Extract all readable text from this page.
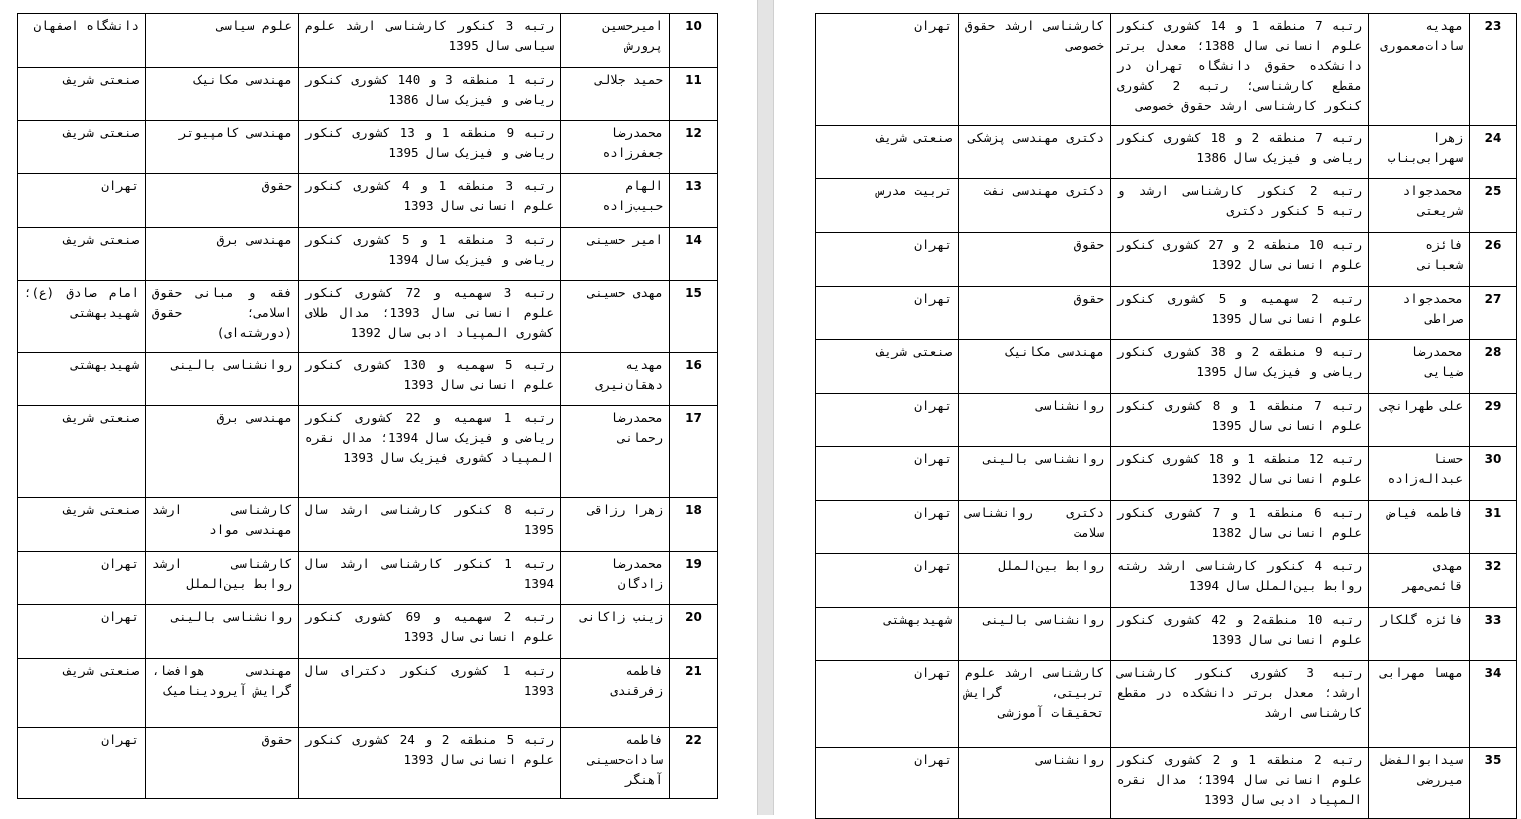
10	امیرحسین پرورش	رتبه 3 کنکور کارشناسی ارشد علوم سیاسی سال 1395	علوم سیاسی	دانشگاه اصفهان
11	حمید جلالی	رتبه 1 منطقه 3 و 140 کشوری کنکور ریاضی و فیزیک سال 1386	مهندسی مکانیک	صنعتی شریف
12	محمدرضا جعفرزاده	رتبه 9 منطقه 1 و 13 کشوری کنکور ریاضی و فیزیک سال 1395	مهندسی کامپیوتر	صنعتی شریف
13	الهام حبیب‌زاده	رتبه 3 منطقه 1 و 4 کشوری کنکور علوم انسانی سال 1393	حقوق	تهران
14	امیر حسینی	رتبه 3 منطقه 1 و 5 کشوری کنکور ریاضی و فیزیک سال 1394	مهندسی برق	صنعتی شریف
15	مهدی حسینی	رتبه 3 سهمیه و 72 کشوری کنکور علوم انسانی سال 1393؛ مدال طلای کشوری المپیاد ادبی سال 1392	فقه و مبانی حقوق اسلامی؛ حقوق (دورشته‌ای)	امام صادق (ع)؛ شهیدبهشتی
16	مهدیه دهقان‌نیری	رتبه 5 سهمیه و 130 کشوری کنکور علوم انسانی سال 1393	روانشناسی بالینی	شهیدبهشتی
17	محمدرضا رحمانی	رتبه 1 سهمیه و 22 کشوری کنکور ریاضی و فیزیک سال 1394؛ مدال نقره المپیاد کشوری فیزیک سال 1393	مهندسی برق	صنعتی شریف
18	زهرا رزاقی	رتبه 8 کنکور کارشناسی ارشد سال 1395	کارشناسی ارشد مهندسی مواد	صنعتی شریف
19	محمدرضا زادگان	رتبه 1 کنکور کارشناسی ارشد سال 1394	کارشناسی ارشد روابط بین‌الملل	تهران
20	زینب زاکانی	رتبه 2 سهمیه و 69 کشوری کنکور علوم انسانی سال 1393	روانشناسی بالینی	تهران
21	فاطمه زفرقندی	رتبه 1 کشوری کنکور دکترای سال 1393	مهندسی هوافضا، گرایش آیرودینامیک	صنعتی شریف
22	فاطمه سادات‌حسینی آهنگر	رتبه 5 منطقه 2 و 24 کشوری کنکور علوم انسانی سال 1393	حقوق	تهران
23	مهدیه سادات‌معموری	رتبه 7 منطقه 1 و 14 کشوری کنکور علوم انسانی سال 1388؛ معدل برتر دانشکده حقوق دانشگاه تهران در مقطع کارشناسی؛ رتبه 2 کشوری کنکور کارشناسی ارشد حقوق خصوصی	کارشناسی ارشد حقوق خصوصی	تهران
24	زهرا سهرابی‌بناب	رتبه 7 منطقه 2 و 18 کشوری کنکور ریاضی و فیزیک سال 1386	دکتری مهندسی پزشکی	صنعتی شریف
25	محمدجواد شریعتی	رتبه 2 کنکور کارشناسی ارشد و رتبه 5 کنکور دکتری	دکتری مهندسی نفت	تربیت مدرس
26	فائزه شعبانی	رتبه 10 منطقه 2 و 27 کشوری کنکور علوم انسانی سال 1392	حقوق	تهران
27	محمدجواد صراطی	رتبه 2 سهمیه و 5 کشوری کنکور علوم انسانی سال 1395	حقوق	تهران
28	محمدرضا ضیایی	رتبه 9 منطقه 2 و 38 کشوری کنکور ریاضی و فیزیک سال 1395	مهندسی مکانیک	صنعتی شریف
29	علی طهرانچی	رتبه 7 منطقه 1 و 8 کشوری کنکور علوم انسانی سال 1395	روانشناسی	تهران
30	حسنا عبداله‌زاده	رتبه 12 منطقه 1 و 18 کشوری کنکور علوم انسانی سال 1392	روانشناسی بالینی	تهران
31	فاطمه فیاض	رتبه 6 منطقه 1 و 7 کشوری کنکور علوم انسانی سال 1382	دکتری روانشناسی سلامت	تهران
32	مهدی قائمی‌مهر	رتبه 4 کنکور کارشناسی ارشد رشته روابط بین‌الملل سال 1394	روابط بین‌الملل	تهران
33	فائزه گلکار	رتبه 10 منطقه2 و 42 کشوری کنکور علوم انسانی سال 1393	روانشناسی بالینی	شهیدبهشتی
34	مهسا مهرابی	رتبه 3 کشوری کنکور کارشناسی ارشد؛ معدل برتر دانشکده در مقطع کارشناسی ارشد	کارشناسی ارشد علوم تربیتی، گرایش تحقیقات آموزشی	تهران
35	سیدابوالفضل میررضی	رتبه 2 منطقه 1 و 2 کشوری کنکور علوم انسانی سال 1394؛ مدال نقره المپیاد ادبی سال 1393	روانشناسی	تهران
